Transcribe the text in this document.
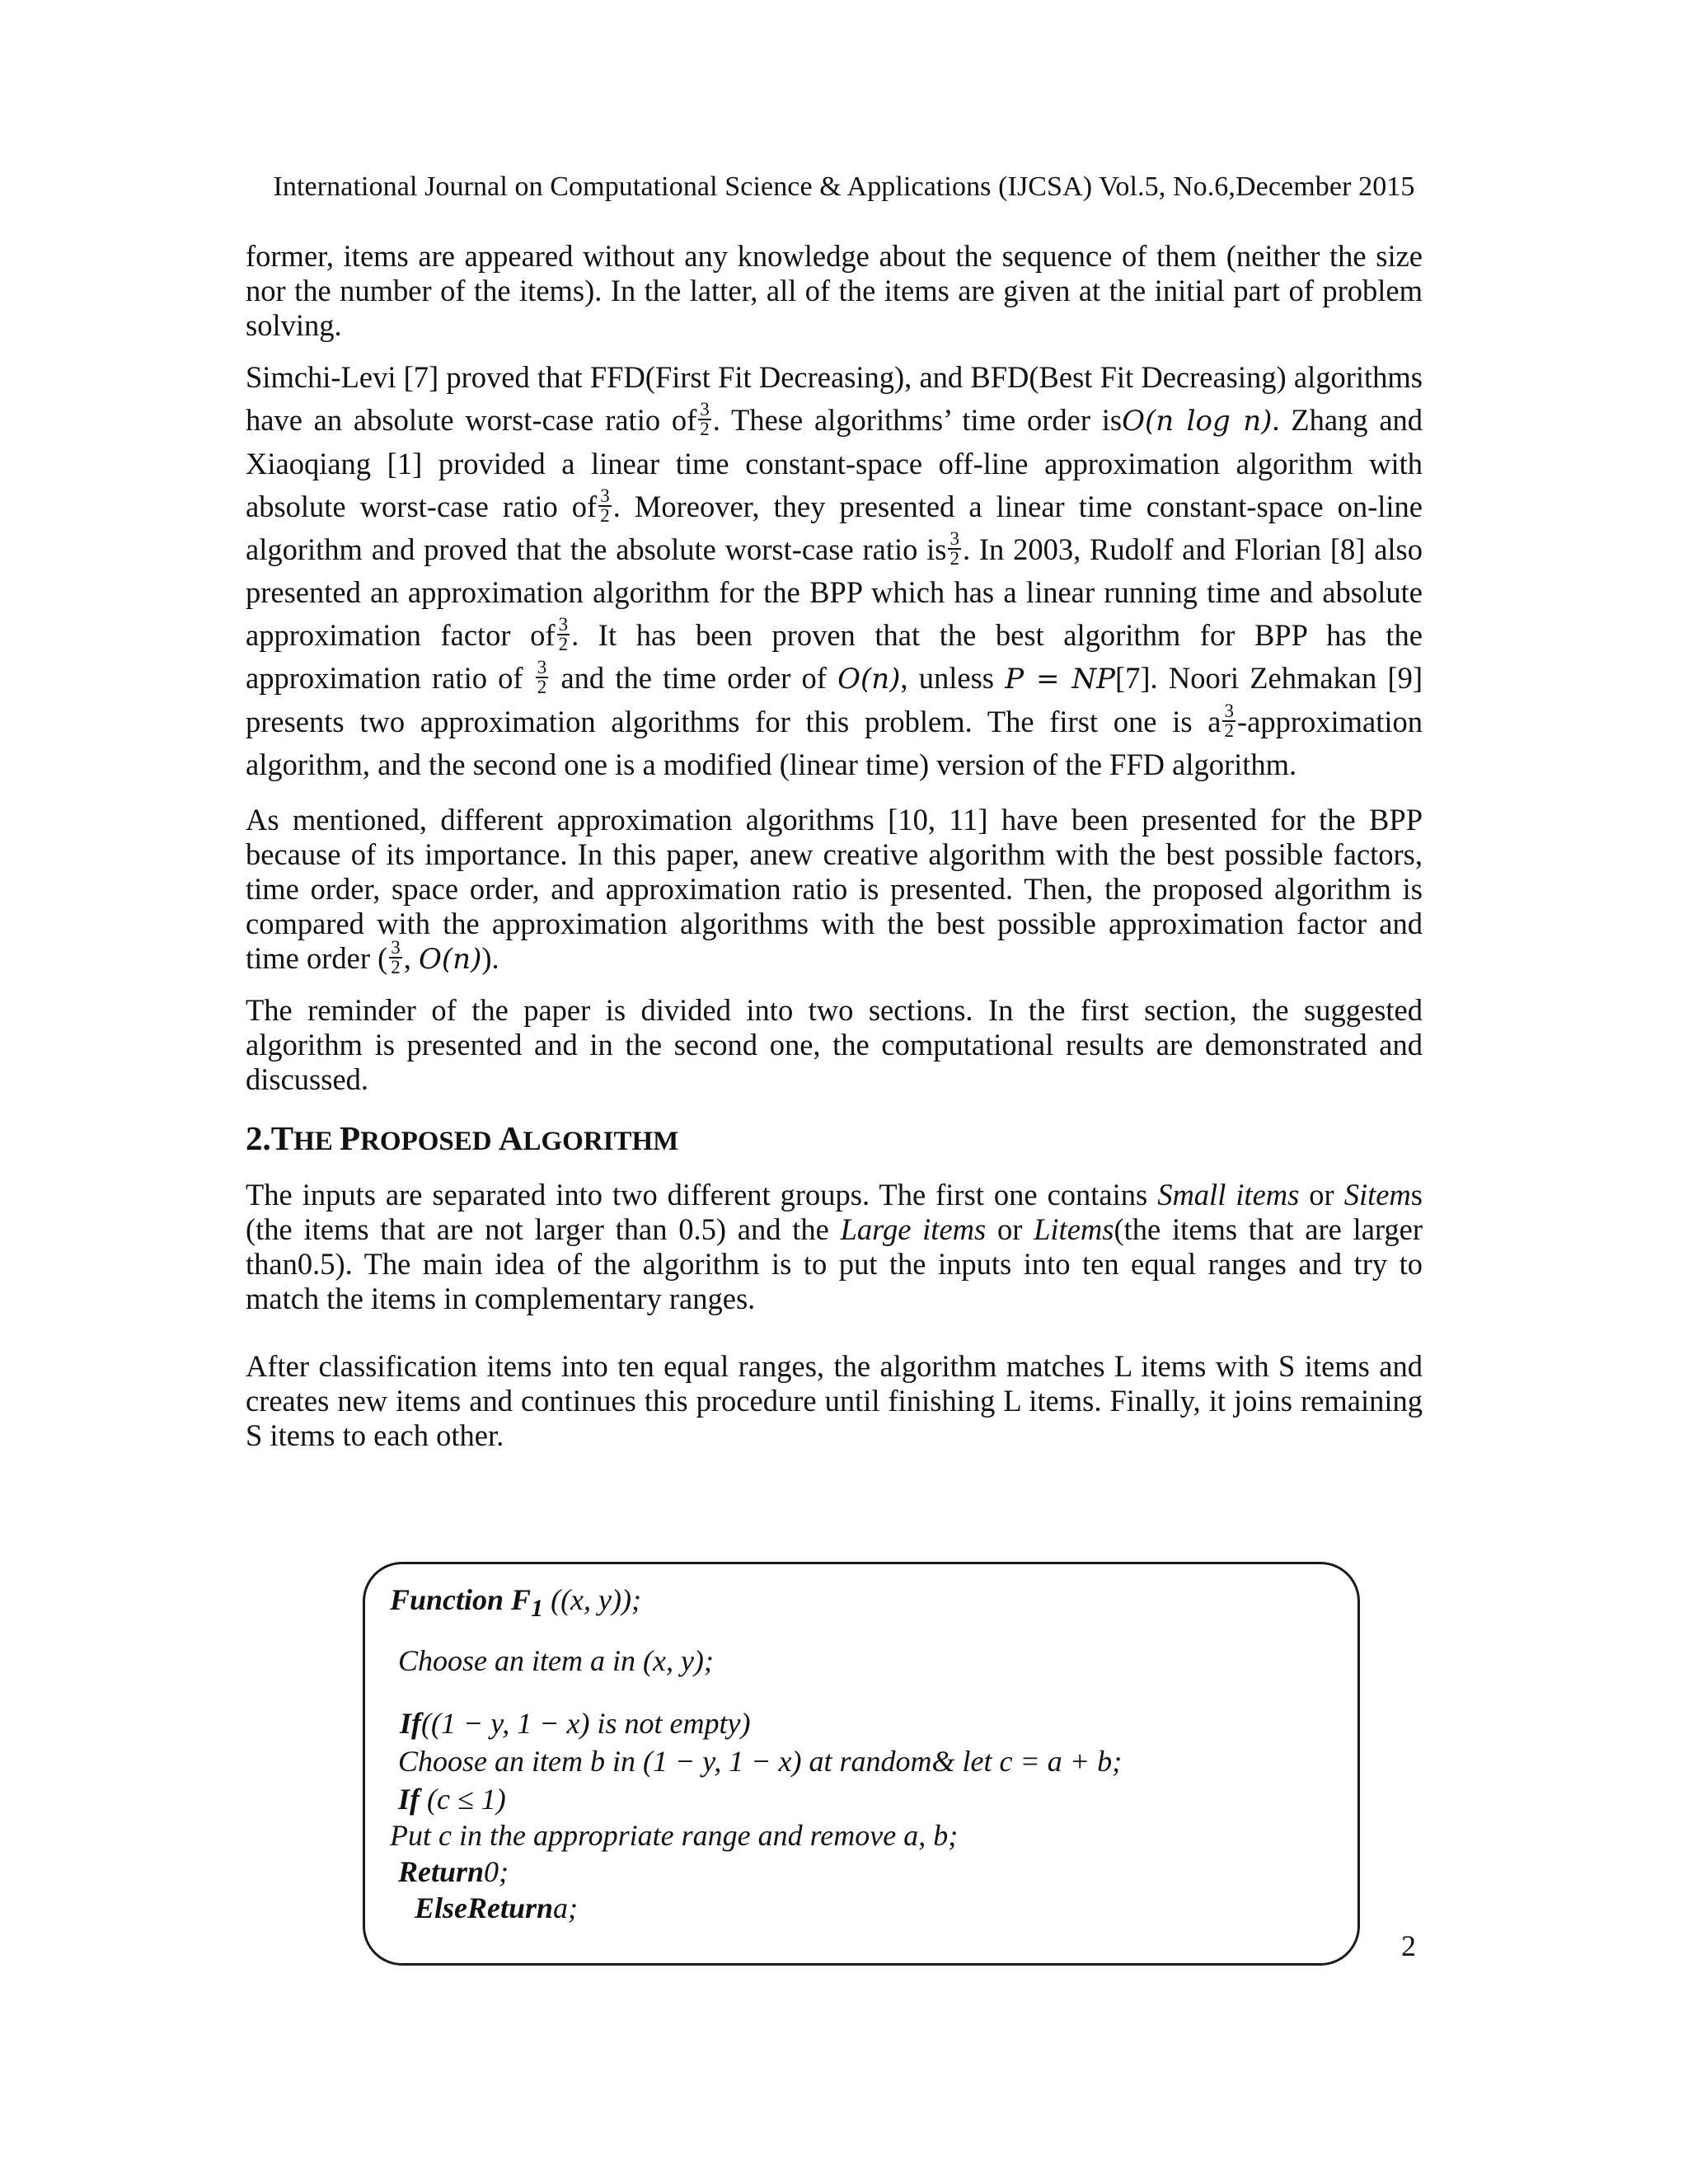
International Journal on Computational Science & Applications (IJCSA) Vol.5, No.6,December 2015

former, items are appeared without any knowledge about the sequence of them (neither the size nor the number of the items). In the latter, all of the items are given at the initial part of problem solving.

Simchi-Levi [7] proved that FFD(First Fit Decreasing), and BFD(Best Fit Decreasing) algorithms have an absolute worst-case ratio of $\frac{3}{2}$ . These algorithms’ time order isO(n log n). Zhang and Xiaoqiang [1] provided a linear time constant-space off-line approximation algorithm with absolute worst-case ratio of $\frac{3}{2}$ . Moreover, they presented a linear time constant-space on-line algorithm and proved that the absolute worst-case ratio is $\frac{3}{2}$ . In 2003, Rudolf and Florian [8] also presented an approximation algorithm for the BPP which has a linear running time and absolute approximation factor of $\frac{3}{2}$ . It has been proven that the best algorithm for BPP has the approximation ratio of $\frac{3}{2}$ and the time order of O(n), unless P = NP[7]. Noori Zehmakan [9] presents two approximation algorithms for this problem. The first one is a $\frac{3}{2}$ -approximation algorithm, and the second one is a modified (linear time) version of the FFD algorithm.

As mentioned, different approximation algorithms [10, 11] have been presented for the BPP because of its importance. In this paper, anew creative algorithm with the best possible factors, time order, space order, and approximation ratio is presented. Then, the proposed algorithm is compared with the approximation algorithms with the best possible approximation factor and time order ( $\frac{3}{2}$ , O(n)).

The reminder of the paper is divided into two sections. In the first section, the suggested algorithm is presented and in the second one, the computational results are demonstrated and discussed.

2.THE PROPOSED ALGORITHM

The inputs are separated into two different groups. The first one contains Small items or Sitems (the items that are not larger than 0.5) and the Large items or Litems(the items that are larger than0.5). The main idea of the algorithm is to put the inputs into ten equal ranges and try to match the items in complementary ranges.

After classification items into ten equal ranges, the algorithm matches L items with S items and creates new items and continues this procedure until finishing L items. Finally, it joins remaining S items to each other.

Function $F_1$ ((x, y));
Choose an item a in (x, y);
If((1 − y, 1 − x) is not empty)
Choose an item b in (1 − y, 1 − x) at random& let c = a + b;
If (c ≤ 1)
Put c in the appropriate range and remove a, b;
Return0;
ElseReturna;
2
